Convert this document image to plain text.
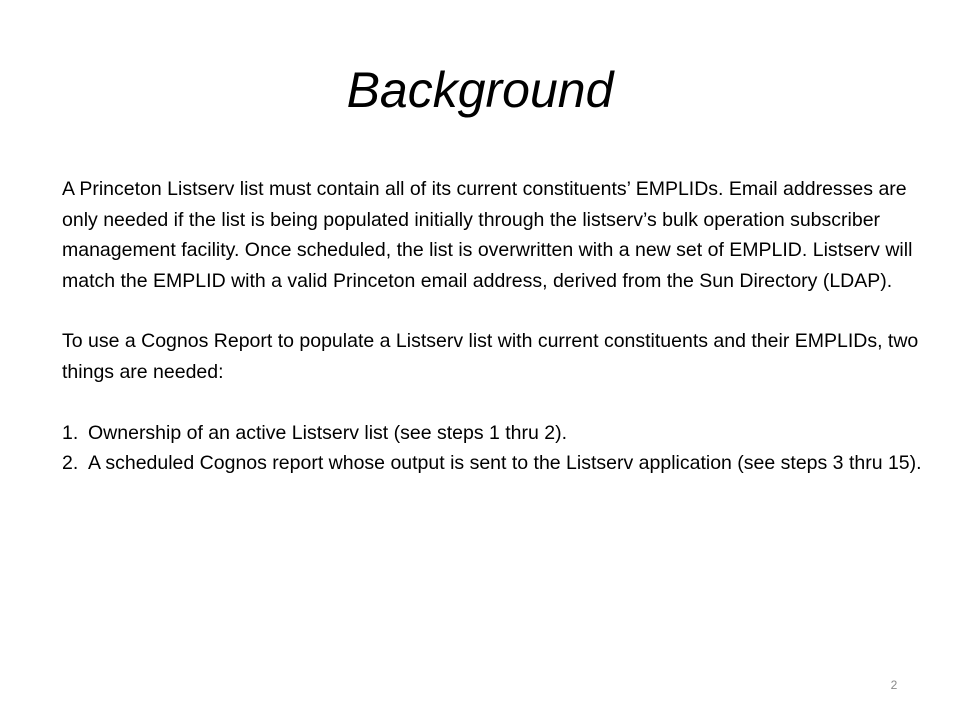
Background

A Princeton Listserv list must contain all of its current constituents’ EMPLIDs. Email addresses are only needed if the list is being populated initially through the listserv’s bulk operation subscriber management facility. Once scheduled, the list is overwritten with a new set of EMPLID. Listserv will match the EMPLID with a valid Princeton email address, derived from the Sun Directory (LDAP).

To use a Cognos Report to populate a Listserv list with current constituents and their EMPLIDs, two things are needed:

1. Ownership of an active Listserv list (see steps 1 thru 2).
2. A scheduled Cognos report whose output is sent to the Listserv application (see steps 3 thru 15).
2
